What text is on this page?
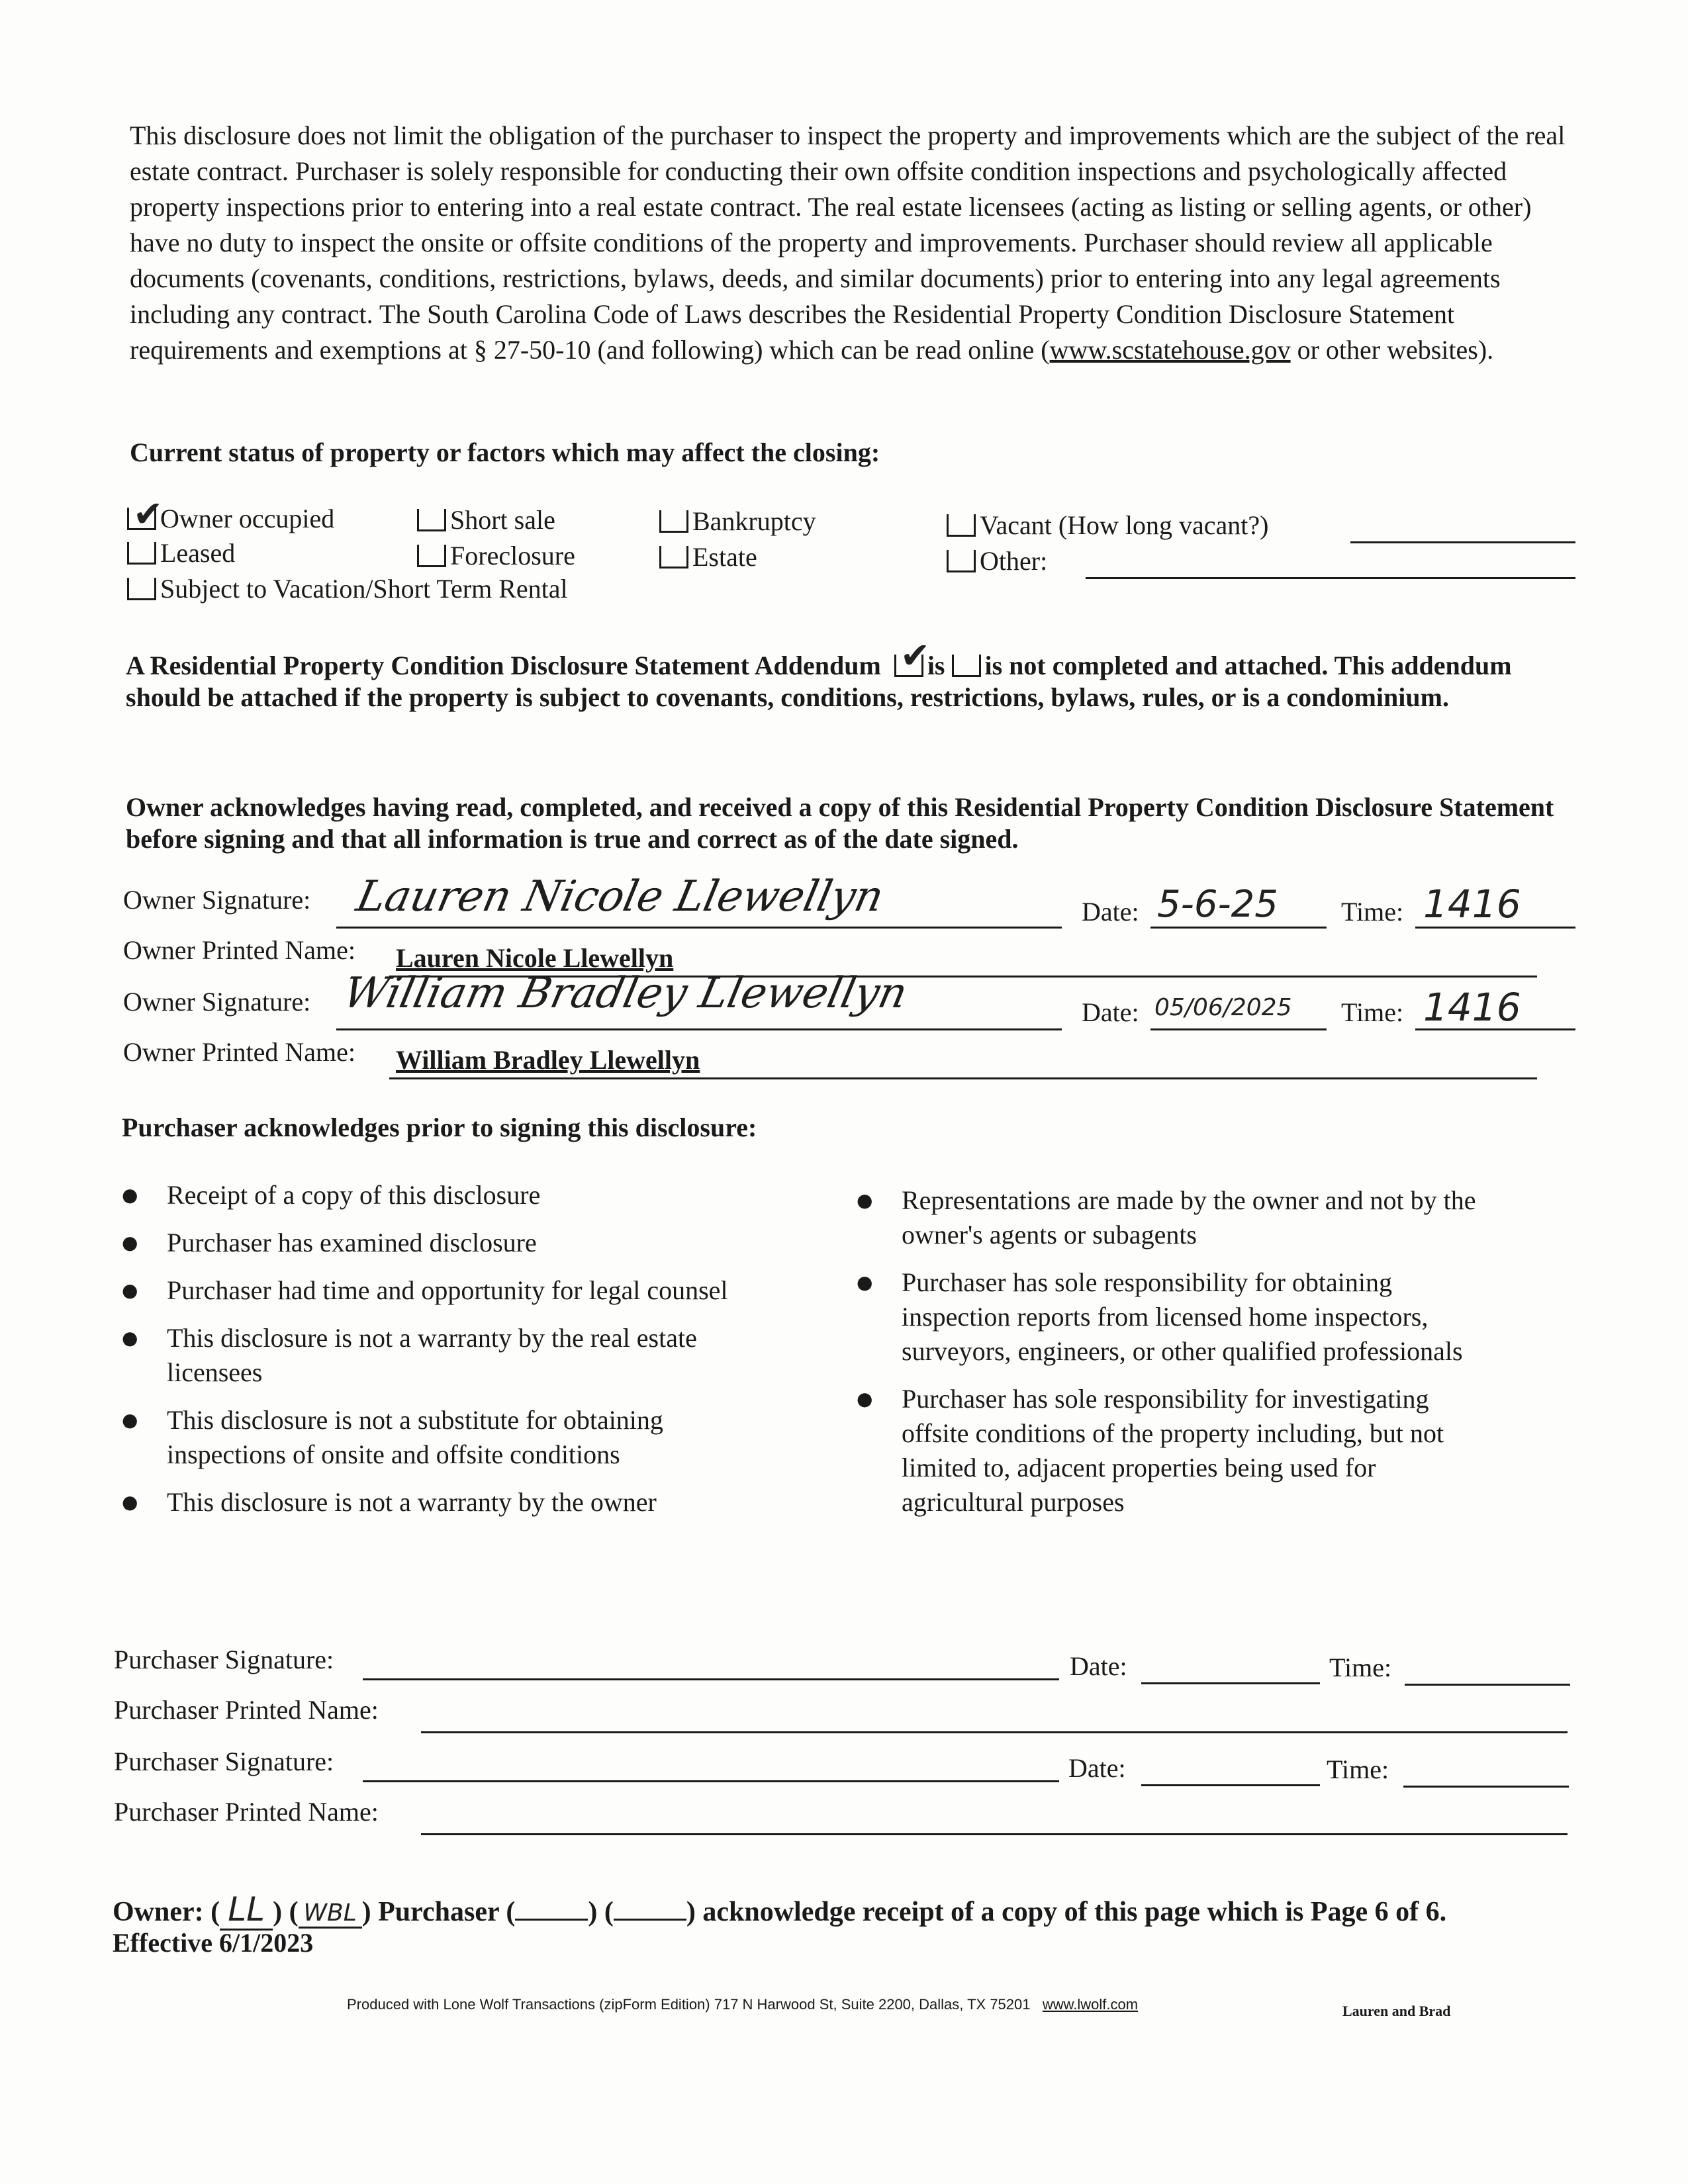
This disclosure does not limit the obligation of the purchaser to inspect the property and improvements which are the subject of the real estate contract. Purchaser is solely responsible for conducting their own offsite condition inspections and psychologically affected property inspections prior to entering into a real estate contract. The real estate licensees (acting as listing or selling agents, or other) have no duty to inspect the onsite or offsite conditions of the property and improvements. Purchaser should review all applicable documents (covenants, conditions, restrictions, bylaws, deeds, and similar documents) prior to entering into any legal agreements including any contract. The South Carolina Code of Laws describes the Residential Property Condition Disclosure Statement requirements and exemptions at § 27-50-10 (and following) which can be read online (www.scstatehouse.gov or other websites).
Current status of property or factors which may affect the closing:
✔Owner occupied	Short sale	Bankruptcy	Vacant (How long vacant?)
Leased	Foreclosure	Estate	Other:
Subject to Vacation/Short Term Rental
A Residential Property Condition Disclosure Statement Addendum  ✔ is is not completed and attached. This addendum should be attached if the property is subject to covenants, conditions, restrictions, bylaws, rules, or is a condominium.
Owner acknowledges having read, completed, and received a copy of this Residential Property Condition Disclosure Statement before signing and that all information is true and correct as of the date signed.
Owner Signature: Lauren Nicole Llewellyn	Date: 5-6-25 Time: 1416
Owner Printed Name: Lauren Nicole Llewellyn
Owner Signature: William Bradley Llewellyn	Date: 05/06/2025 Time: 1416
Owner Printed Name: William Bradley Llewellyn
Purchaser acknowledges prior to signing this disclosure:
● Receipt of a copy of this disclosure
● Purchaser has examined disclosure
● Purchaser had time and opportunity for legal counsel
● This disclosure is not a warranty by the real estate licensees
● This disclosure is not a substitute for obtaining inspections of onsite and offsite conditions
● This disclosure is not a warranty by the owner
● Representations are made by the owner and not by the owner's agents or subagents
● Purchaser has sole responsibility for obtaining inspection reports from licensed home inspectors, surveyors, engineers, or other qualified professionals
● Purchaser has sole responsibility for investigating offsite conditions of the property including, but not limited to, adjacent properties being used for agricultural purposes
Purchaser Signature:	Date:	Time:
Purchaser Printed Name:
Purchaser Signature:	Date:	Time:
Purchaser Printed Name:
Owner: ( LL ) ( WBL ) Purchaser (	) (	) acknowledge receipt of a copy of this page which is Page 6 of 6.
Effective 6/1/2023
Produced with Lone Wolf Transactions (zipForm Edition) 717 N Harwood St, Suite 2200, Dallas, TX 75201 www.lwolf.com	Lauren and Brad
